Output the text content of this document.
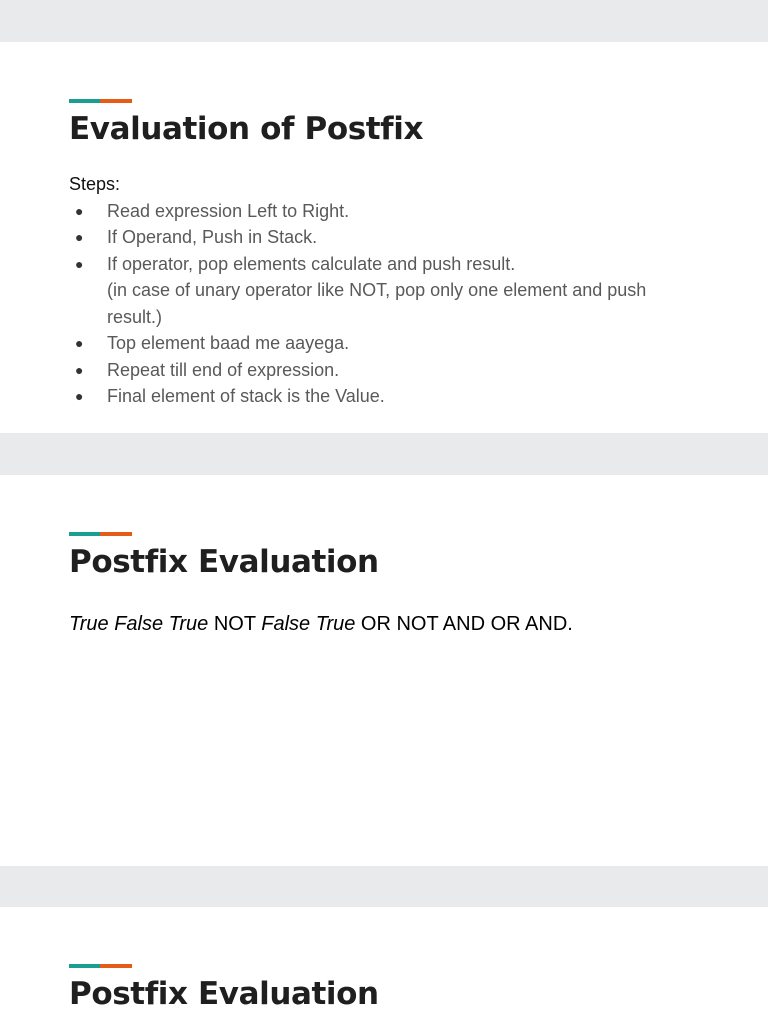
Evaluation of Postfix
Steps:
● Read expression Left to Right.
● If Operand, Push in Stack.
● If operator, pop elements calculate and push result.
(in case of unary operator like NOT, pop only one element and push result.)
● Top element baad me aayega.
● Repeat till end of expression.
● Final element of stack is the Value.
Postfix Evaluation
True False True NOT False True OR NOT AND OR AND.
Postfix Evaluation
